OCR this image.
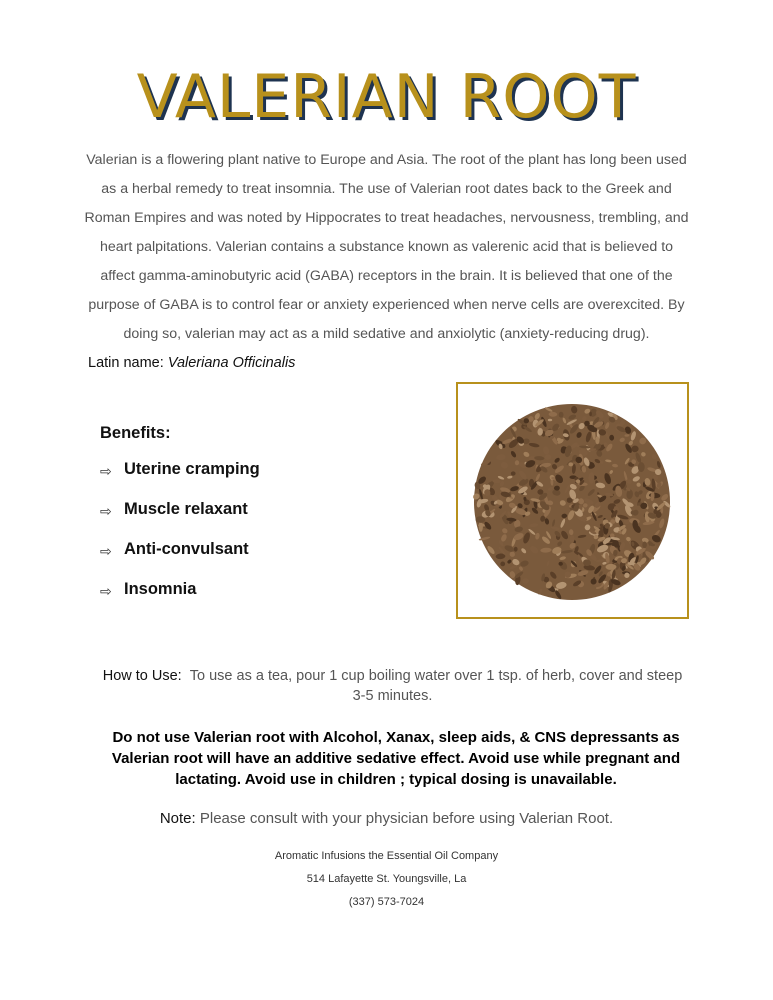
VALERIAN ROOT

Valerian is a flowering plant native to Europe and Asia. The root of the plant has long been used as a herbal remedy to treat insomnia. The use of Valerian root dates back to the Greek and Roman Empires and was noted by Hippocrates to treat headaches, nervousness, trembling, and heart palpitations. Valerian contains a substance known as valerenic acid that is believed to affect gamma-aminobutyric acid (GABA) receptors in the brain. It is believed that one of the purpose of GABA is to control fear or anxiety experienced when nerve cells are overexcited. By doing so, valerian may act as a mild sedative and anxiolytic (anxiety-reducing drug).

Latin name: Valeriana Officinalis
Benefits:
⇨ Uterine cramping
⇨ Muscle relaxant
⇨ Anti-convulsant
⇨ Insomnia
How to Use: To use as a tea, pour 1 cup boiling water over 1 tsp. of herb, cover and steep 3-5 minutes.
Do not use Valerian root with Alcohol, Xanax, sleep aids, & CNS depressants as Valerian root will have an additive sedative effect. Avoid use while pregnant and lactating. Avoid use in children ; typical dosing is unavailable.
Note: Please consult with your physician before using Valerian Root.
Aromatic Infusions the Essential Oil Company
514 Lafayette St. Youngsville, La
(337) 573-7024
